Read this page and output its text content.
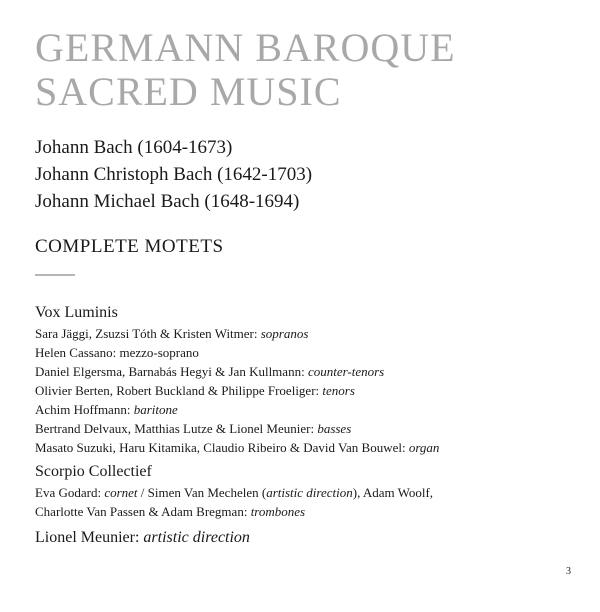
GERMANN BAROQUE
SACRED MUSIC
Johann Bach (1604-1673)
Johann Christoph Bach (1642-1703)
Johann Michael Bach (1648-1694)
COMPLETE MOTETS
Vox Luminis
Sara Jäggi, Zsuzsi Tóth & Kristen Witmer: sopranos
Helen Cassano: mezzo-soprano
Daniel Elgersma, Barnabás Hegyi & Jan Kullmann: counter-tenors
Olivier Berten, Robert Buckland & Philippe Froeliger: tenors
Achim Hoffmann: baritone
Bertrand Delvaux, Matthias Lutze & Lionel Meunier: basses
Masato Suzuki, Haru Kitamika, Claudio Ribeiro & David Van Bouwel: organ
Scorpio Collectief
Eva Godard: cornet / Simen Van Mechelen (artistic direction), Adam Woolf,
Charlotte Van Passen & Adam Bregman: trombones
Lionel Meunier: artistic direction
3
